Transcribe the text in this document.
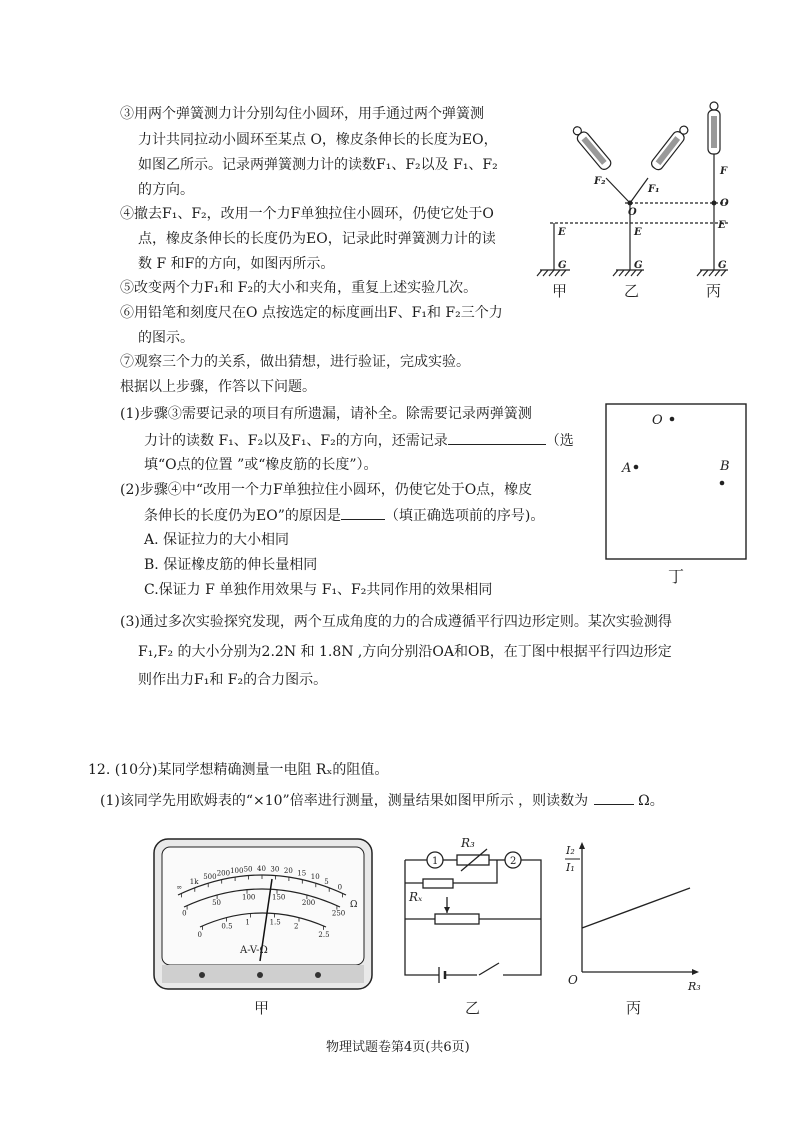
③用两个弹簧测力计分别勾住小圆环，用手通过两个弹簧测
力计共同拉动小圆环至某点 O，橡皮条伸长的长度为EO，
如图乙所示。记录两弹簧测力计的读数F₁、F₂以及 F₁、F₂
的方向。
④撤去F₁、F₂，改用一个力F单独拉住小圆环，仍使它处于O
点，橡皮条伸长的长度仍为EO，记录此时弹簧测力计的读
数 F 和F的方向，如图丙所示。
⑤改变两个力F₁和 F₂的大小和夹角，重复上述实验几次。
⑥用铅笔和刻度尺在O 点按选定的标度画出F、F₁和 F₂三个力
的图示。
⑦观察三个力的关系，做出猜想，进行验证，完成实验。
根据以上步骤，作答以下问题。
(1)步骤③需要记录的项目有所遗漏，请补全。除需要记录两弹簧测
力计的读数 F₁、F₂以及F₁、F₂的方向，还需记录	（选
填“O点的位置 ”或“橡皮筋的长度”）。
(2)步骤④中“改用一个力F单独拉住小圆环，仍使它处于O点，橡皮
条伸长的长度仍为EO”的原因是	（填正确选项前的序号)。
A. 保证拉力的大小相同
B. 保证橡皮筋的伸长量相同
C.保证力 F 单独作用效果与 F₁、F₂共同作用的效果相同
(3)通过多次实验探究发现，两个互成角度的力的合成遵循平行四边形定则。某次实验测得
F₁,F₂ 的大小分别为2.2N 和 1.8N ,方向分别沿OA和OB，在丁图中根据平行四边形定
则作出力F₁和 F₂的合力图示。
12. (10分)某同学想精确测量一电阻 Rₓ的阻值。
(1)该同学先用欧姆表的“×10”倍率进行测量，测量结果如图甲所示 ，则读数为	Ω。
F₂
F₁
F
O
O
E	E
E
G	G	G
甲	乙	丙
O
A	B
丁
∞
1k
500 200 100 50 40 30 20 15 10
5
0
0
50
100 150
200
250
0
0.5
1	1.5
2
2.5
A-V-Ω
Ω
甲
1	2
R₃
Rₓ
乙
I₂
I₁
O	R₃
丙
物理试题卷第4页(共6页)
